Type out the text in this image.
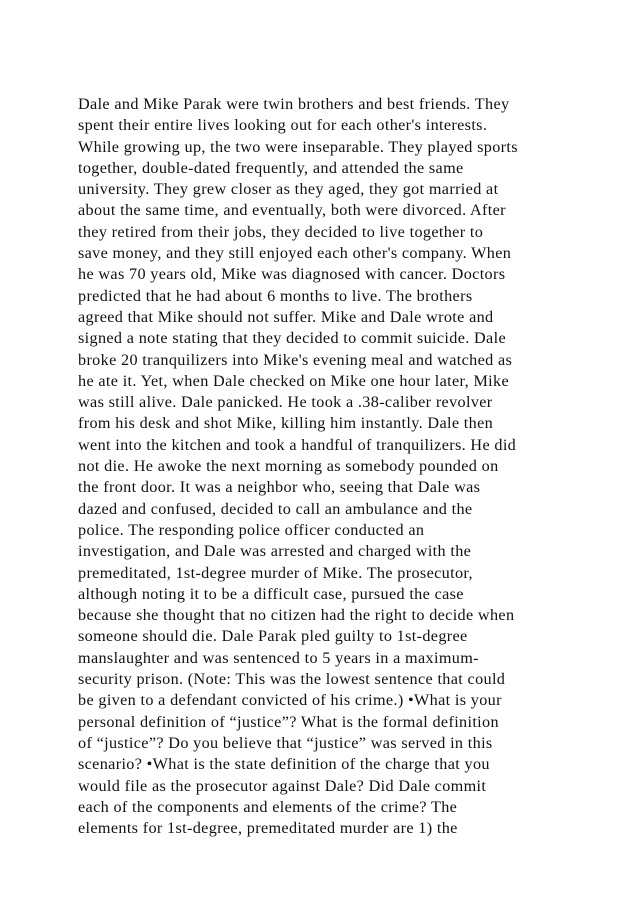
Dale and Mike Parak were twin brothers and best friends. They
spent their entire lives looking out for each other's interests.
While growing up, the two were inseparable. They played sports
together, double-dated frequently, and attended the same
university. They grew closer as they aged, they got married at
about the same time, and eventually, both were divorced. After
they retired from their jobs, they decided to live together to
save money, and they still enjoyed each other's company. When
he was 70 years old, Mike was diagnosed with cancer. Doctors
predicted that he had about 6 months to live. The brothers
agreed that Mike should not suffer. Mike and Dale wrote and
signed a note stating that they decided to commit suicide. Dale
broke 20 tranquilizers into Mike's evening meal and watched as
he ate it. Yet, when Dale checked on Mike one hour later, Mike
was still alive. Dale panicked. He took a .38-caliber revolver
from his desk and shot Mike, killing him instantly. Dale then
went into the kitchen and took a handful of tranquilizers. He did
not die. He awoke the next morning as somebody pounded on
the front door. It was a neighbor who, seeing that Dale was
dazed and confused, decided to call an ambulance and the
police. The responding police officer conducted an
investigation, and Dale was arrested and charged with the
premeditated, 1st-degree murder of Mike. The prosecutor,
although noting it to be a difficult case, pursued the case
because she thought that no citizen had the right to decide when
someone should die. Dale Parak pled guilty to 1st-degree
manslaughter and was sentenced to 5 years in a maximum-
security prison. (Note: This was the lowest sentence that could
be given to a defendant convicted of his crime.) •What is your
personal definition of “justice”? What is the formal definition
of “justice”? Do you believe that “justice” was served in this
scenario? •What is the state definition of the charge that you
would file as the prosecutor against Dale? Did Dale commit
each of the components and elements of the crime? The
elements for 1st-degree, premeditated murder are 1) the
